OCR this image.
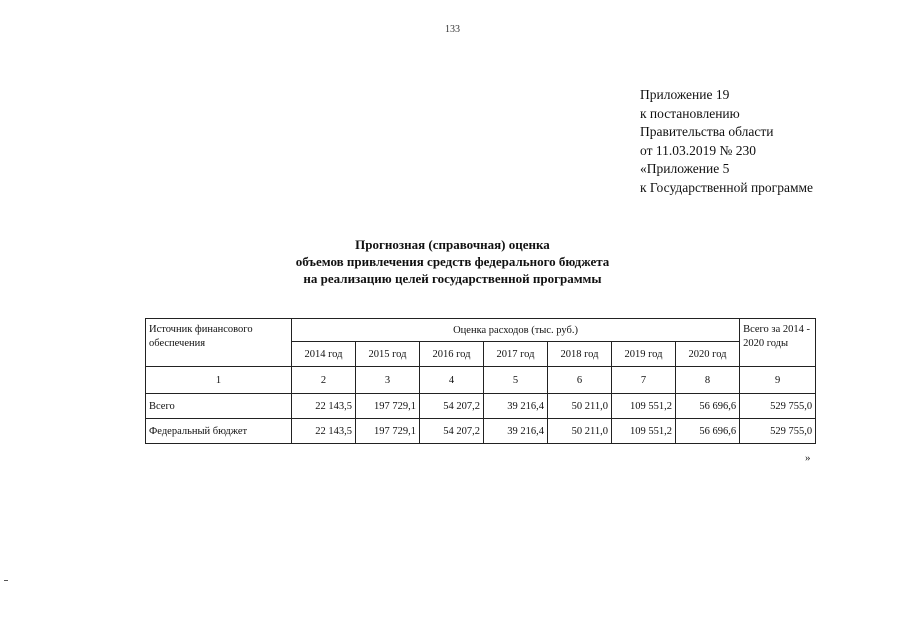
133
Приложение 19
к постановлению
Правительства области
от 11.03.2019 № 230
«Приложение 5
к Государственной программе
Прогнозная (справочная) оценка
объемов привлечения средств федерального бюджета
на реализацию целей государственной программы
Источник финансового обеспечения	Оценка расходов (тыс. руб.)							Всего за 2014 - 2020 годы
	2014 год	2015 год	2016 год	2017 год	2018 год	2019 год	2020 год	
1	2	3	4	5	6	7	8	9
Всего	22 143,5	197 729,1	54 207,2	39 216,4	50 211,0	109 551,2	56 696,6	529 755,0
Федеральный бюджет	22 143,5	197 729,1	54 207,2	39 216,4	50 211,0	109 551,2	56 696,6	529 755,0
»
